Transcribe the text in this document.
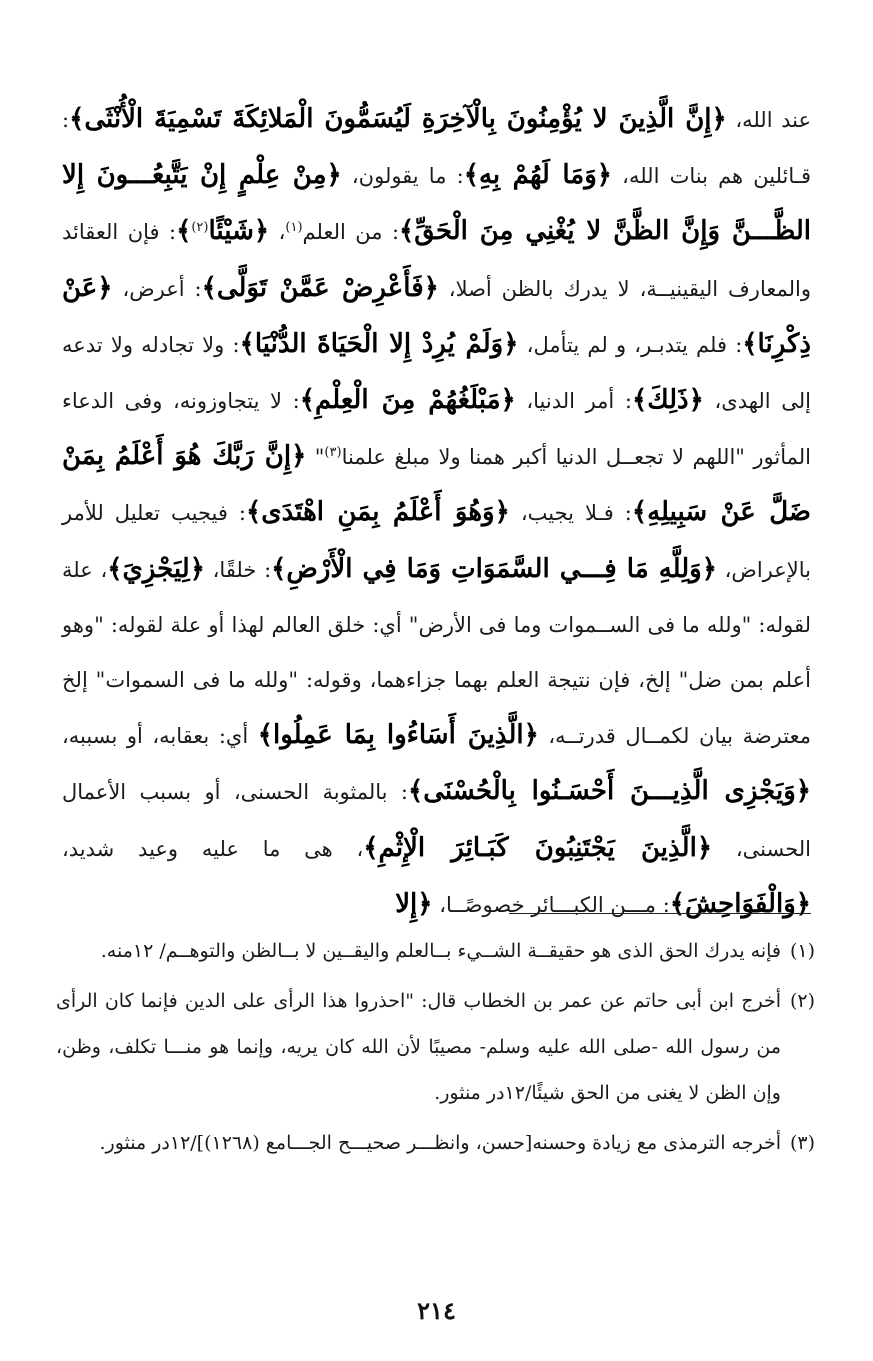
عند الله، ﴿إِنَّ الَّذِينَ لا يُؤْمِنُونَ بِالْآخِرَةِ لَيُسَمُّونَ الْمَلائِكَةَ تَسْمِيَةَ الْأُنْثَى﴾: قـائلين هم بنات الله، ﴿وَمَا لَهُمْ بِهِ﴾: ما يقولون، ﴿مِنْ عِلْمٍ إِنْ يَتَّبِعُـــونَ إِلا الظَّـــنَّ وَإِنَّ الظَّنَّ لا يُغْنِي مِنَ الْحَقِّ﴾: من العلم$^{(١)}$، ﴿شَيْئًا$^{(٢)}$﴾: فإن العقائد والمعارف اليقينيــة، لا يدرك بالظن أصلا، ﴿فَأَعْرِضْ عَمَّنْ تَوَلَّى﴾: أعرض، ﴿عَنْ ذِكْرِنَا﴾: فلم يتدبـر، و لم يتأمل، ﴿وَلَمْ يُرِدْ إِلا الْحَيَاةَ الدُّنْيَا﴾: ولا تجادله ولا تدعه إلى الهدى، ﴿ذَلِكَ﴾: أمر الدنيا، ﴿مَبْلَغُهُمْ مِنَ الْعِلْمِ﴾: لا يتجاوزونه، وفى الدعاء المأثور "اللهم لا تجعــل الدنيا أكبر همنا ولا مبلغ علمنا$^{(٣)}$" ﴿إِنَّ رَبَّكَ هُوَ أَعْلَمُ بِمَنْ ضَلَّ عَنْ سَبِيلِهِ﴾: فـلا يجيب، ﴿وَهُوَ أَعْلَمُ بِمَنِ اهْتَدَى﴾: فيجيب تعليل للأمر بالإعراض، ﴿وَلِلَّهِ مَا فِـــي السَّمَوَاتِ وَمَا فِي الْأَرْضِ﴾: خلقًا، ﴿لِيَجْزِيَ﴾، علة لقوله: "ولله ما فى الســموات وما فى الأرض" أي: خلق العالم لهذا أو علة لقوله: "وهو أعلم بمن ضل" إلخ، فإن نتيجة العلم بهما جزاءهما، وقوله: "ولله ما فى السموات" إلخ معترضة بيان لكمــال قدرتــه، ﴿الَّذِينَ أَسَاءُوا بِمَا عَمِلُوا﴾ أي: بعقابه، أو بسببه، ﴿وَيَجْزِى الَّذِيـــنَ أَحْسَـنُوا بِالْحُسْنَى﴾: بالمثوبة الحسنى، أو بسبب الأعمال الحسنى، ﴿الَّذِينَ يَجْتَنِبُونَ كَبَـائِرَ الْإِثْمِ﴾، هى ما عليه وعيد شديد، ﴿وَالْفَوَاحِشَ﴾: مـــن الكبـــائر خصوصًــا، ﴿إِلا

(١)
فإنه يدرك الحق الذى هو حقيقــة الشــيء بــالعلم واليقــين لا بــالظن والتوهــم/ ١٢منه.
(٢)
أخرج ابن أبى حاتم عن عمر بن الخطاب قال: "احذروا هذا الرأى على الدين فإنما كان الرأى من رسول الله -صلى الله عليه وسلم- مصيبًا لأن الله كان يريه، وإنما هو منـــا تكلف، وظن، وإن الظن لا يغنى من الحق شيئًا/١٢در منثور.
(٣)
أخرجه الترمذى مع زيادة وحسنه[حسن، وانظـــر صحيـــح الجـــامع (١٢٦٨)]/١٢در منثور.
٢١٤
